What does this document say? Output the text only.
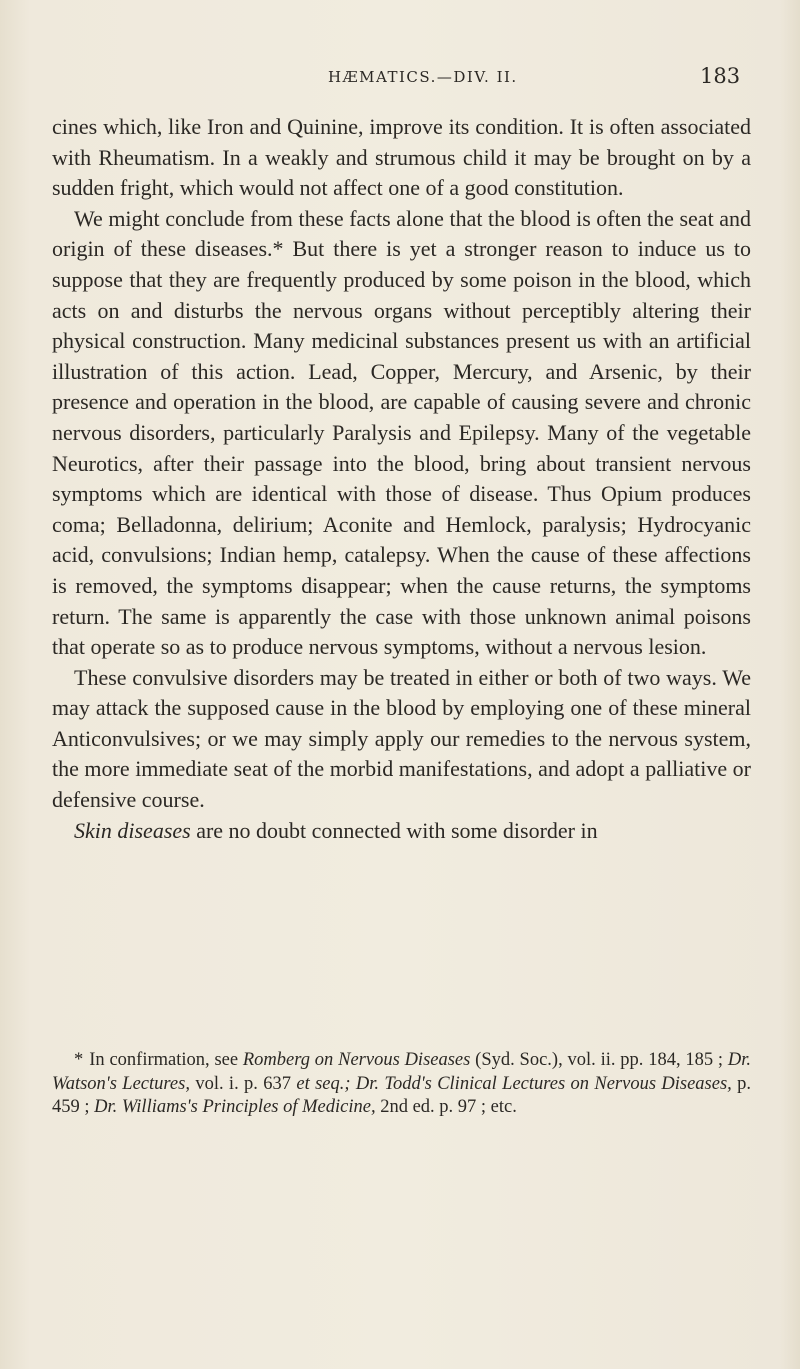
HÆMATICS.—DIV. II.	183

cines which, like Iron and Quinine, improve its condition. It is often associated with Rheumatism. In a weakly and strumous child it may be brought on by a sudden fright, which would not affect one of a good constitution.

We might conclude from these facts alone that the blood is often the seat and origin of these diseases.* But there is yet a stronger reason to induce us to suppose that they are frequently produced by some poison in the blood, which acts on and disturbs the nervous organs without perceptibly altering their physical construction. Many medicinal substances present us with an artificial illustration of this action. Lead, Copper, Mercury, and Arsenic, by their presence and operation in the blood, are capable of causing severe and chronic nervous disorders, particularly Paralysis and Epilepsy. Many of the vegetable Neurotics, after their passage into the blood, bring about transient nervous symptoms which are identical with those of disease. Thus Opium produces coma; Belladonna, delirium; Aconite and Hemlock, paralysis; Hydrocyanic acid, convulsions; Indian hemp, catalepsy. When the cause of these affections is removed, the symptoms disappear; when the cause returns, the symptoms return. The same is apparently the case with those unknown animal poisons that operate so as to produce nervous symptoms, without a nervous lesion.

These convulsive disorders may be treated in either or both of two ways. We may attack the supposed cause in the blood by employing one of these mineral Anticonvulsives; or we may simply apply our remedies to the nervous system, the more immediate seat of the morbid manifestations, and adopt a palliative or defensive course.

Skin diseases are no doubt connected with some disorder in

* In confirmation, see Romberg on Nervous Diseases (Syd. Soc.), vol. ii. pp. 184, 185 ; Dr. Watson's Lectures, vol. i. p. 637 et seq.; Dr. Todd's Clinical Lectures on Nervous Diseases, p. 459 ; Dr. Williams's Principles of Medicine, 2nd ed. p. 97 ; etc.
